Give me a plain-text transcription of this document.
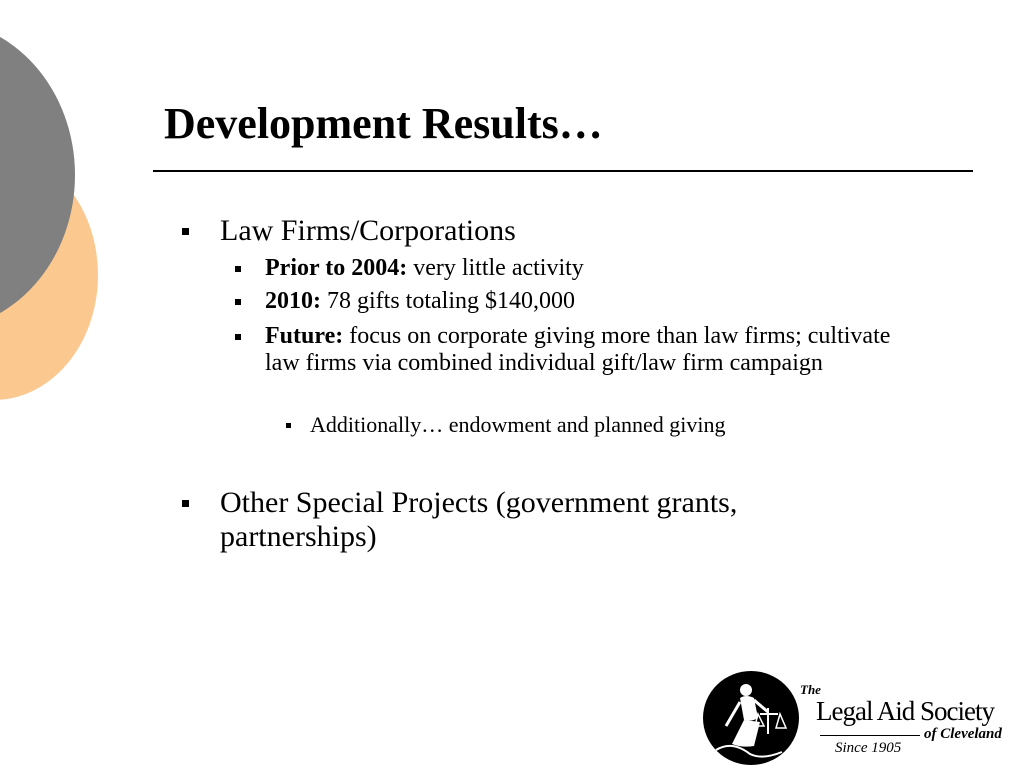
Development Results…
Law Firms/Corporations
Prior to 2004: very little activity
2010: 78 gifts totaling $140,000
Future: focus on corporate giving more than law firms; cultivate law firms via combined individual gift/law firm campaign
Additionally… endowment and planned giving
Other Special Projects (government grants, partnerships)
The
Legal Aid Society
of Cleveland
Since 1905
